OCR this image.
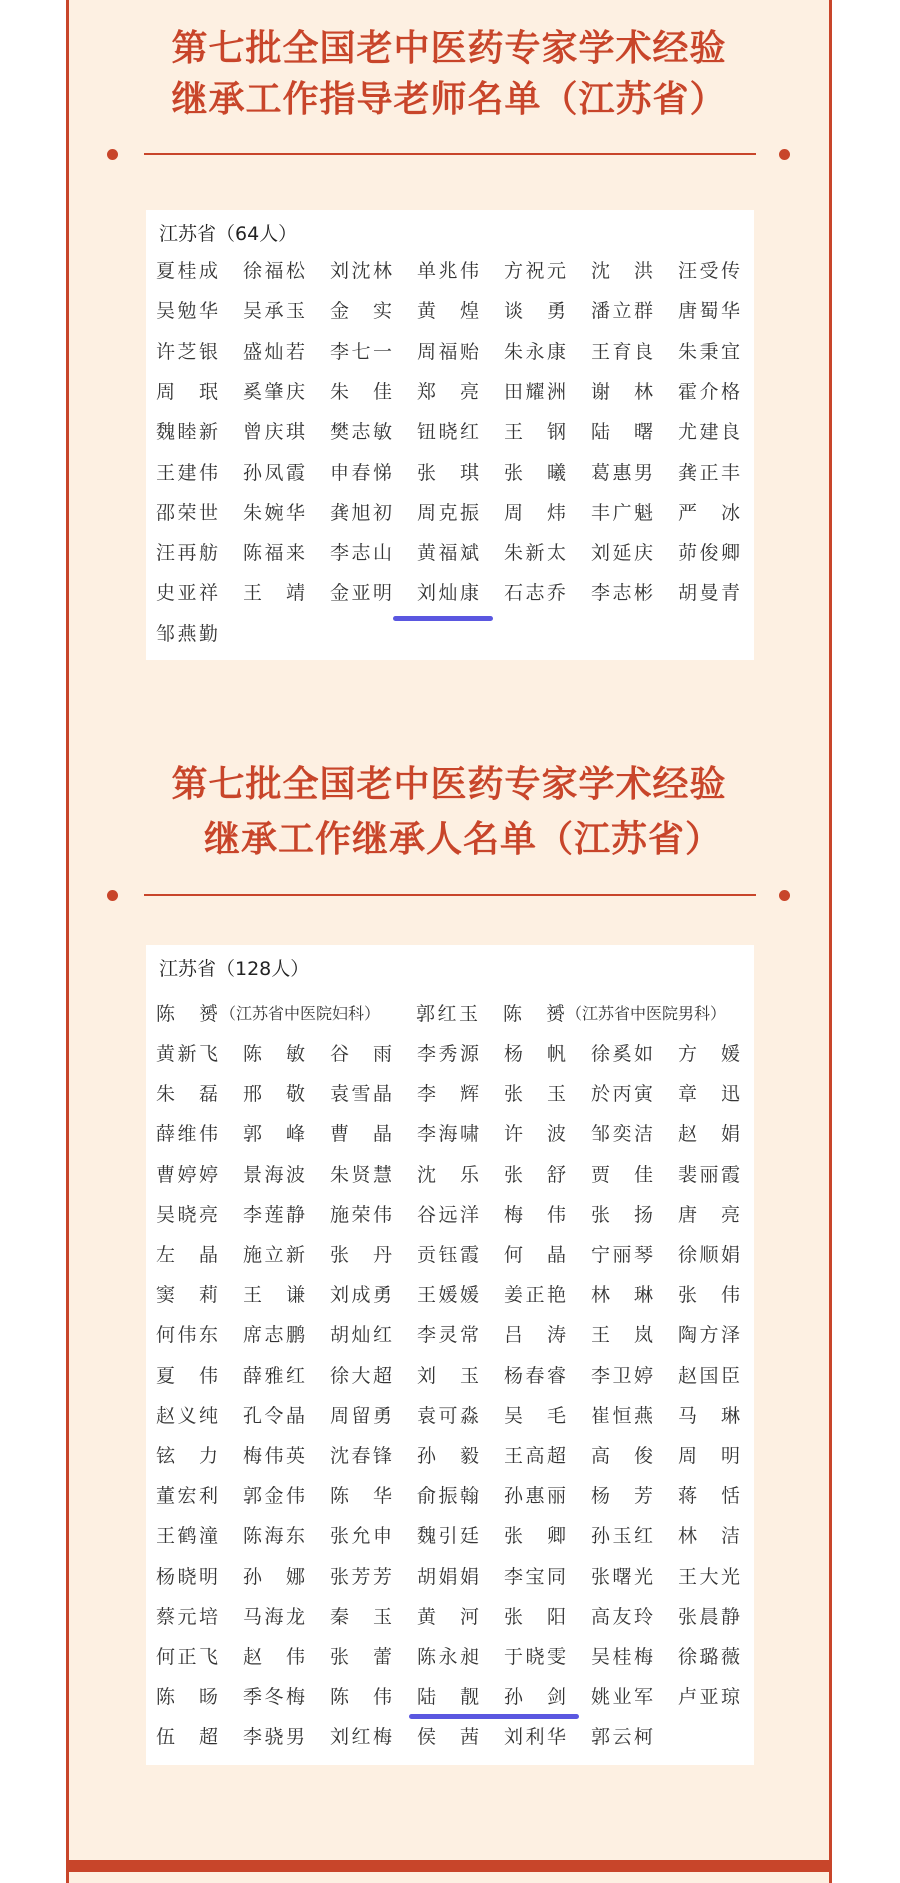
第七批全国老中医药专家学术经验
继承工作指导老师名单（江苏省）
江苏省（64人）
夏桂成 徐福松 刘沈林 单兆伟 方祝元 沈　洪 汪受传
吴勉华 吴承玉 金　实 黄　煌 谈　勇 潘立群 唐蜀华
许芝银 盛灿若 李七一 周福贻 朱永康 王育良 朱秉宜
周　珉 奚肇庆 朱　佳 郑　亮 田耀洲 谢　林 霍介格
魏睦新 曾庆琪 樊志敏 钮晓红 王　钢 陆　曙 尤建良
王建伟 孙凤霞 申春悌 张　琪 张　曦 葛惠男 龚正丰
邵荣世 朱婉华 龚旭初 周克振 周　炜 丰广魁 严　冰
汪再舫 陈福来 李志山 黄福斌 朱新太 刘延庆 茆俊卿
史亚祥 王　靖 金亚明 刘灿康 石志乔 李志彬 胡曼青
邹燕勤
第七批全国老中医药专家学术经验
继承工作继承人名单（江苏省）
江苏省（128人）
陈　赟 （江苏省中医院妇科） 郭红玉 陈　赟 （江苏省中医院男科）
黄新飞 陈　敏 谷　雨 李秀源 杨　帆 徐奚如 方　媛
朱　磊 邢　敬 袁雪晶 李　辉 张　玉 於丙寅 章　迅
薛维伟 郭　峰 曹　晶 李海啸 许　波 邹奕洁 赵　娟
曹婷婷 景海波 朱贤慧 沈　乐 张　舒 贾　佳 裴丽霞
吴晓亮 李莲静 施荣伟 谷远洋 梅　伟 张　扬 唐　亮
左　晶 施立新 张　丹 贡钰霞 何　晶 宁丽琴 徐顺娟
窦　莉 王　谦 刘成勇 王媛媛 姜正艳 林　琳 张　伟
何伟东 席志鹏 胡灿红 李灵常 吕　涛 王　岚 陶方泽
夏　伟 薛雅红 徐大超 刘　玉 杨春睿 李卫婷 赵国臣
赵义纯 孔令晶 周留勇 袁可淼 吴　毛 崔恒燕 马　琳
铉　力 梅伟英 沈春锋 孙　毅 王高超 高　俊 周　明
董宏利 郭金伟 陈　华 俞振翰 孙惠丽 杨　芳 蒋　恬
王鹤潼 陈海东 张允申 魏引廷 张　卿 孙玉红 林　洁
杨晓明 孙　娜 张芳芳 胡娟娟 李宝同 张曙光 王大光
蔡元培 马海龙 秦　玉 黄　河 张　阳 高友玲 张晨静
何正飞 赵　伟 张　蕾 陈永昶 于晓雯 吴桂梅 徐璐薇
陈　旸 季冬梅 陈　伟 陆　靓 孙　剑 姚业军 卢亚琼
伍　超 李骁男 刘红梅 侯　茜 刘利华 郭云柯
